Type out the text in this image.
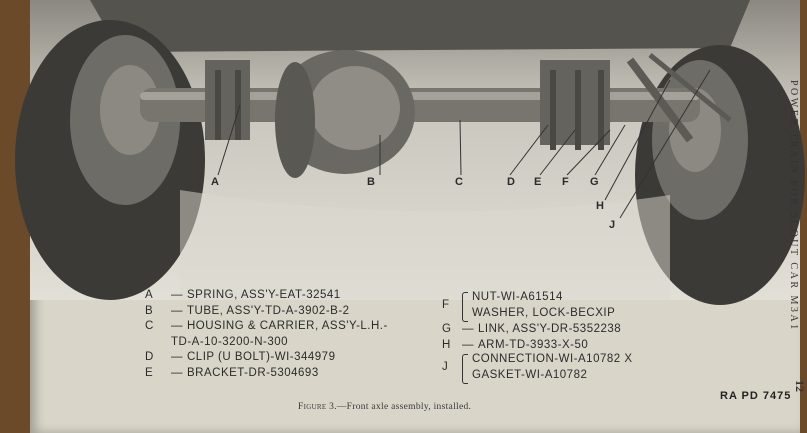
A	B	C	D E F G
H
J
A — SPRING, ASS'Y-EAT-32541
B — TUBE, ASS'Y-TD-A-3902-B-2
C — HOUSING & CARRIER, ASS'Y-L.H.-
TD-A-10-3200-N-300
D — CLIP (U BOLT)-WI-344979
E — BRACKET-DR-5304693
F
NUT-WI-A61514
WASHER, LOCK-BECXIP
G — LINK, ASS'Y-DR-5352238
H — ARM-TD-3933-X-50
J
CONNECTION-WI-A10782 X
GASKET-WI-A10782
Figure 3.—Front axle assembly, installed.
RA PD 7475
POWER TRAIN FOR SCOUT CAR M3A1
12
